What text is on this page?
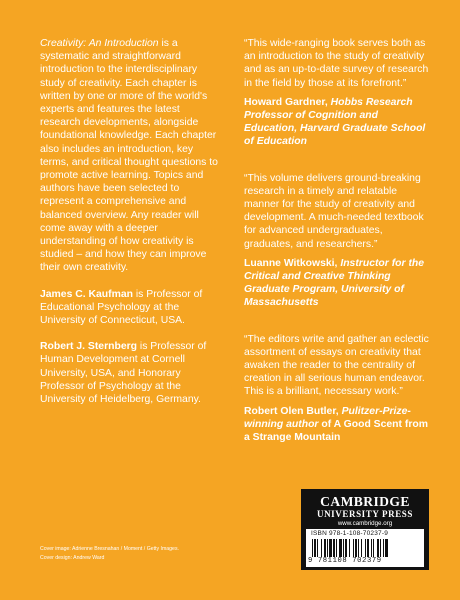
Creativity: An Introduction is a systematic and straightforward introduction to the interdisciplinary study of creativity. Each chapter is written by one or more of the world's experts and features the latest research developments, alongside foundational knowledge. Each chapter also includes an introduction, key terms, and critical thought questions to promote active learning. Topics and authors have been selected to represent a comprehensive and balanced overview. Any reader will come away with a deeper understanding of how creativity is studied – and how they can improve their own creativity.

James C. Kaufman is Professor of Educational Psychology at the University of Connecticut, USA.

Robert J. Sternberg is Professor of Human Development at Cornell University, USA, and Honorary Professor of Psychology at the University of Heidelberg, Germany.

“This wide-ranging book serves both as an introduction to the study of creativity and as an up-to-date survey of research in the field by those at its forefront.”
Howard Gardner, Hobbs Research Professor of Cognition and Education, Harvard Graduate School of Education
“This volume delivers ground-breaking research in a timely and relatable manner for the study of creativity and development. A much-needed textbook for advanced undergraduates, graduates, and researchers.”
Luanne Witkowski, Instructor for the Critical and Creative Thinking Graduate Program, University of Massachusetts
“The editors write and gather an eclectic assortment of essays on creativity that awaken the reader to the centrality of creation in all serious human endeavor. This is a brilliant, necessary work.”
Robert Olen Butler, Pulitzer-Prize-winning author of A Good Scent from a Strange Mountain
Cover image: Adrienne Bresnahan / Moment / Getty Images.
Cover design: Andrew Ward
CAMBRIDGE
UNIVERSITY PRESS
www.cambridge.org
ISBN 978-1-108-70237-9
9 781108 702379
